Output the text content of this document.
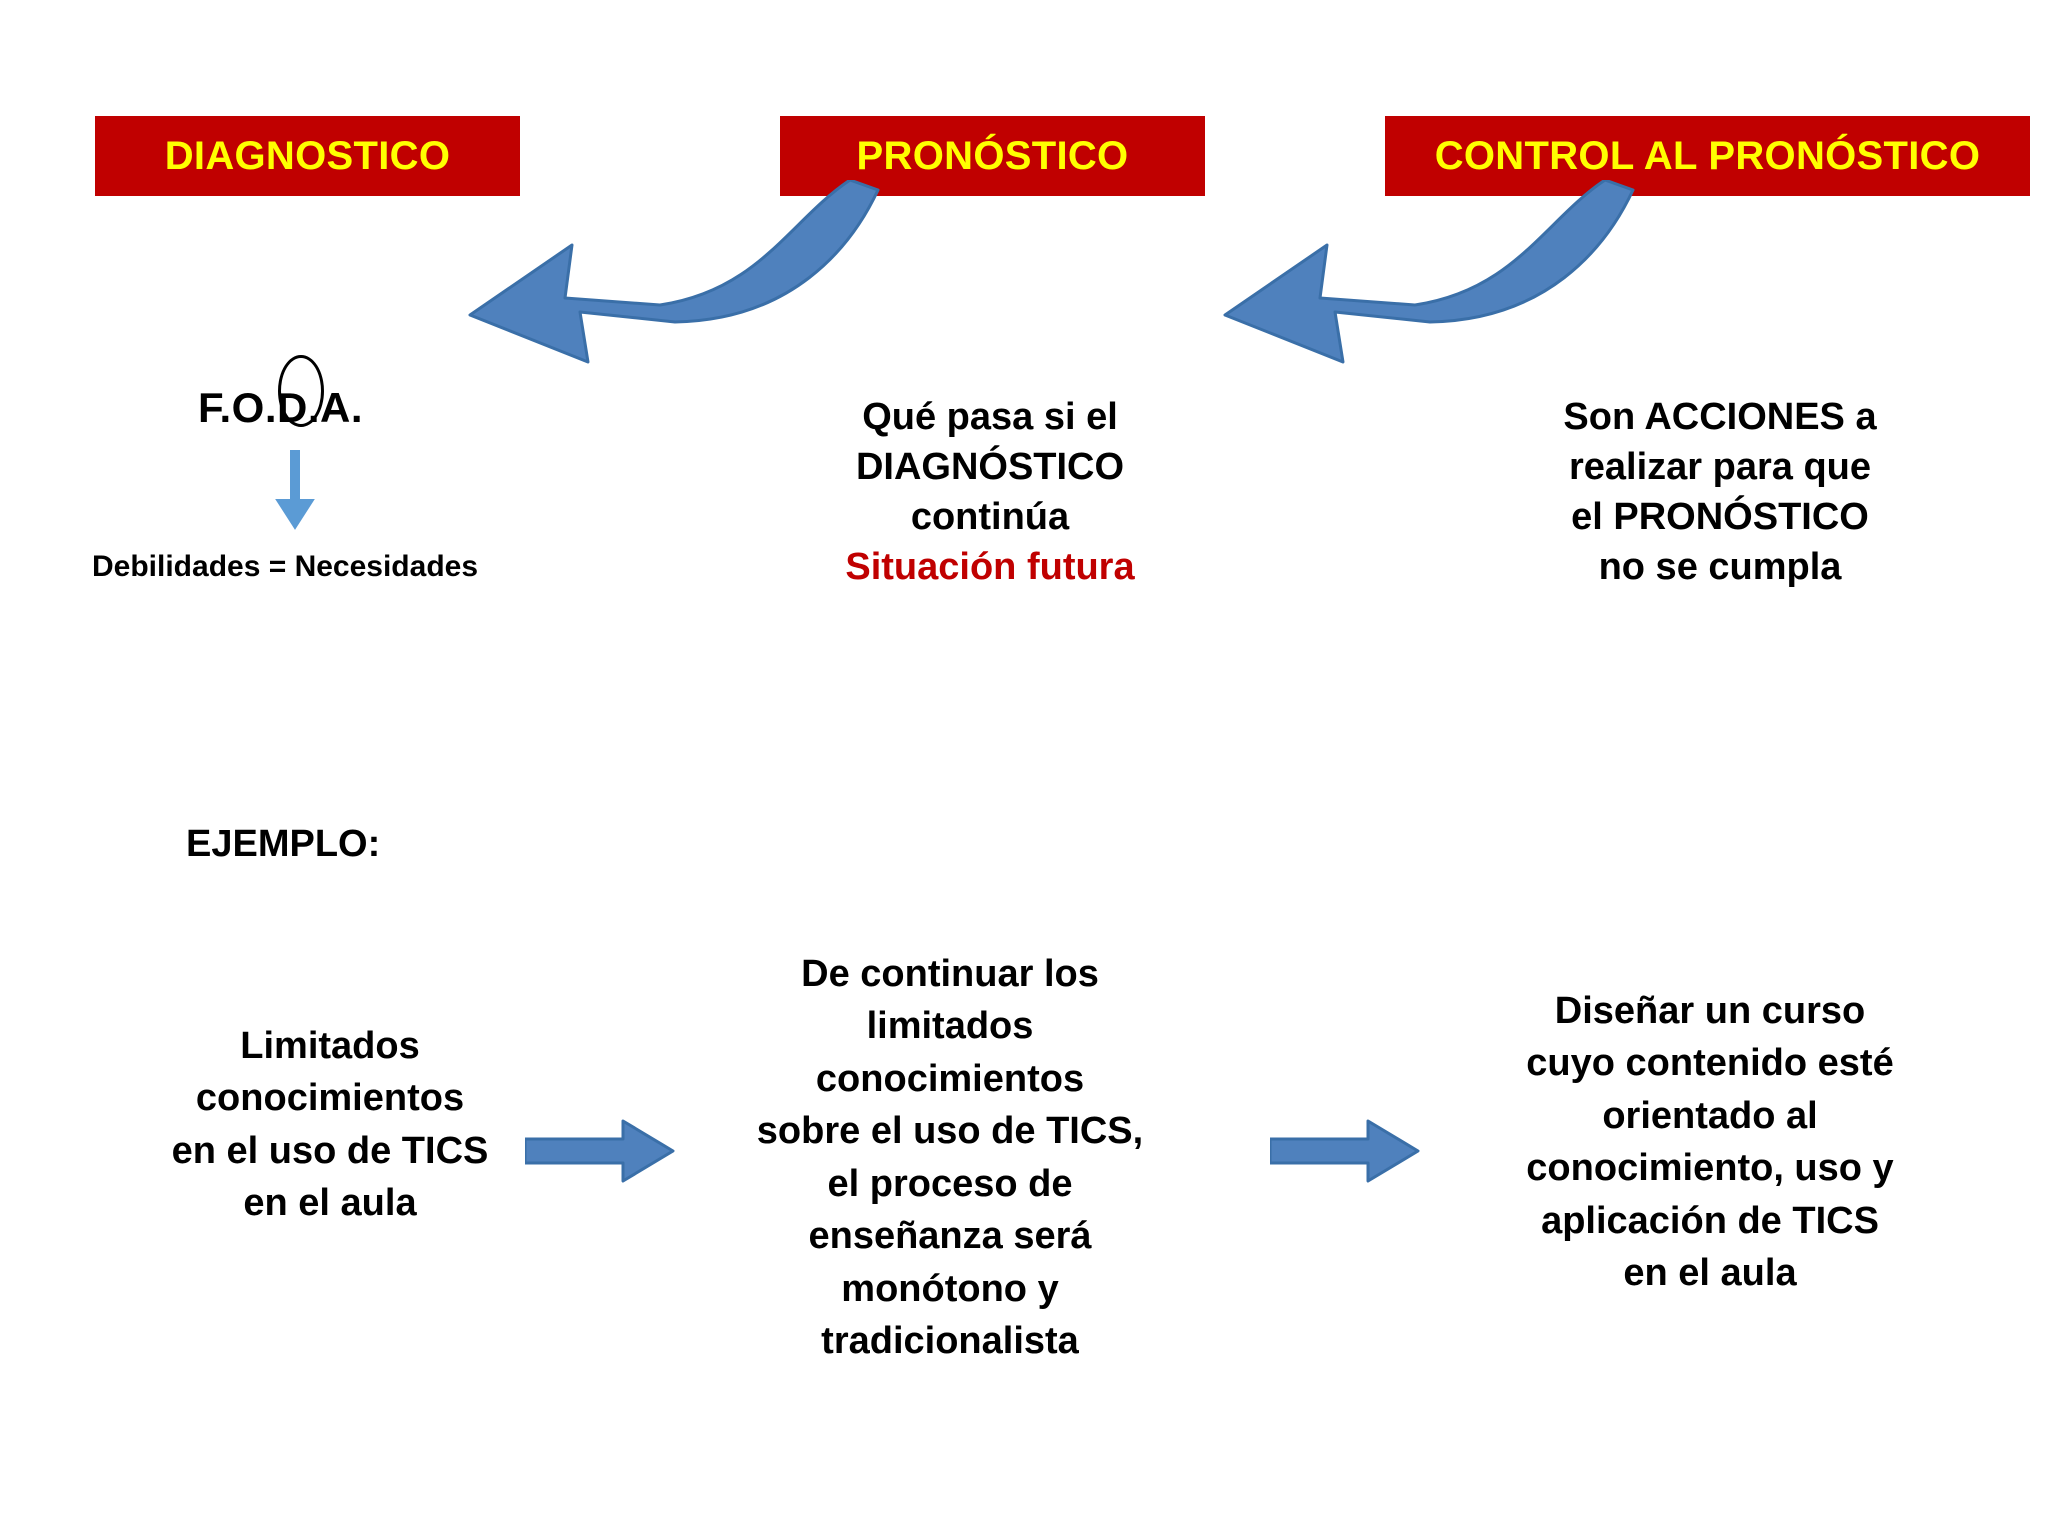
DIAGNOSTICO	PRONÓSTICO	CONTROL AL PRONÓSTICO
F.O.D.A.
Debilidades = Necesidades
Qué pasa si el
DIAGNÓSTICO
continúa
Situación futura
Son ACCIONES a
realizar para que
el PRONÓSTICO
no se cumpla
EJEMPLO:
Limitados
conocimientos
en el uso de TICS
en el aula
De continuar los
limitados
conocimientos
sobre el uso de TICS,
el proceso de
enseñanza será
monótono y
tradicionalista
Diseñar un curso
cuyo contenido esté
orientado al
conocimiento, uso y
aplicación de TICS
en el aula
